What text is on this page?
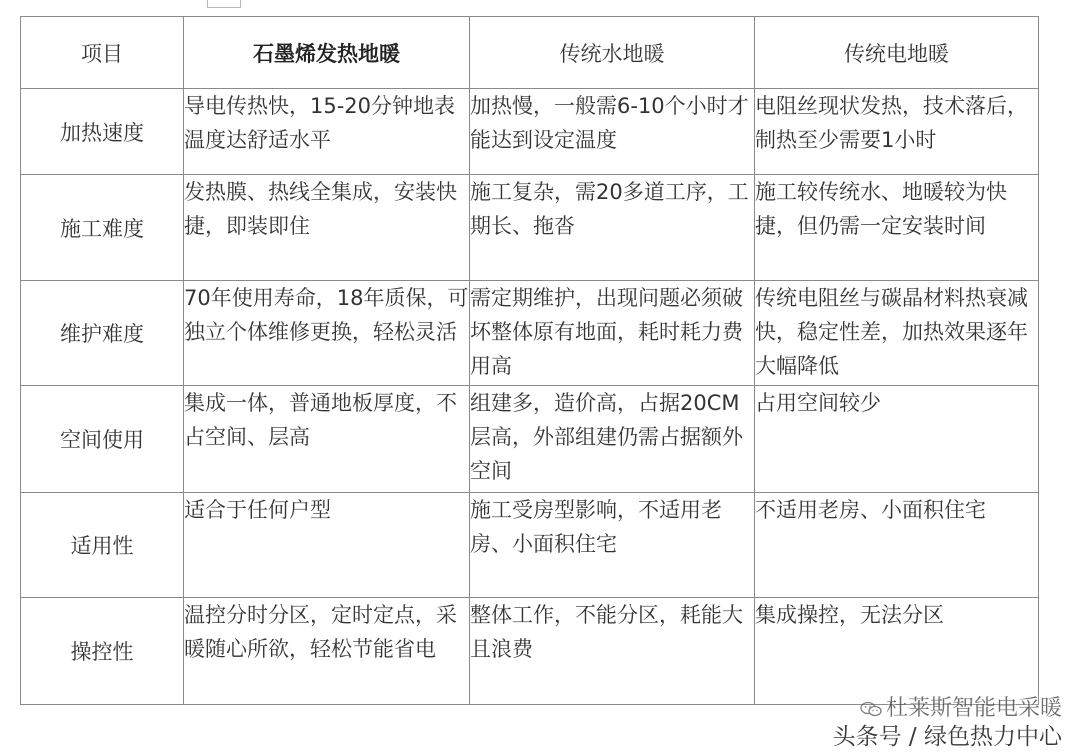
项目	石墨烯发热地暖	传统水地暖	传统电地暖
加热速度	导电传热快，15-20分钟地表温度达舒适水平	加热慢，一般需6-10个小时才能达到设定温度	电阻丝现状发热，技术落后，制热至少需要1小时
施工难度	发热膜、热线全集成，安装快捷，即装即住	施工复杂，需20多道工序，工期长、拖沓	施工较传统水、地暖较为快捷，但仍需一定安装时间
维护难度	70年使用寿命，18年质保，可独立个体维修更换，轻松灵活	需定期维护，出现问题必须破坏整体原有地面，耗时耗力费用高	传统电阻丝与碳晶材料热衰减快，稳定性差，加热效果逐年大幅降低
空间使用	集成一体，普通地板厚度，不占空间、层高	组建多，造价高，占据20CM层高，外部组建仍需占据额外空间	占用空间较少
适用性	适合于任何户型	施工受房型影响，不适用老房、小面积住宅	不适用老房、小面积住宅
操控性	温控分时分区，定时定点，采暖随心所欲，轻松节能省电	整体工作，不能分区，耗能大且浪费	集成操控，无法分区
杜莱斯智能电采暖
头条号 / 绿色热力中心
